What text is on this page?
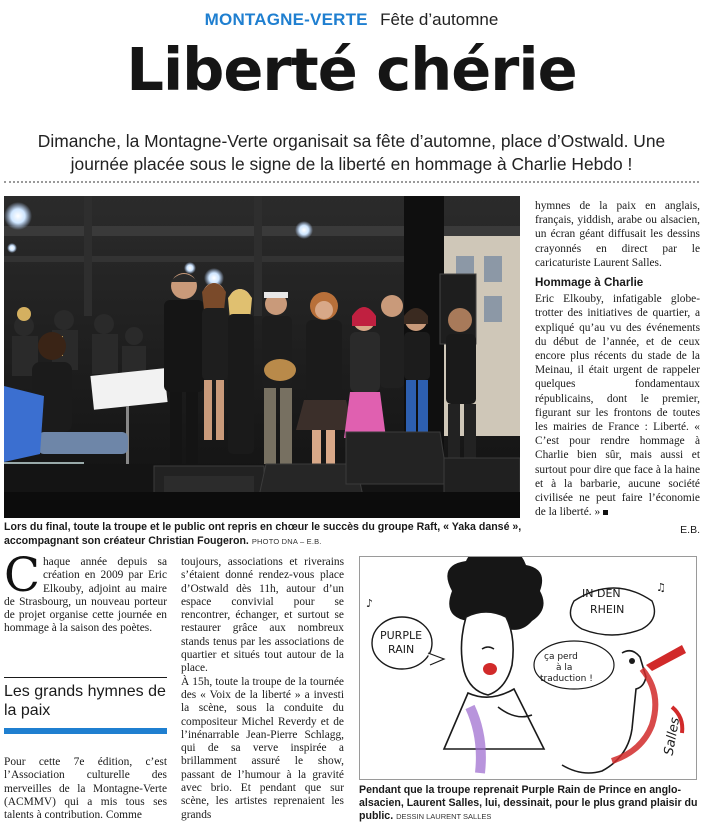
MONTAGNE-VERTE Fête d’automne
Liberté chérie

Dimanche, la Montagne-Verte organisait sa fête d’automne, place d’Ostwald. Une journée placée sous le signe de la liberté en hommage à Charlie Hebdo !

Lors du final, toute la troupe et le public ont repris en chœur le succès du groupe Raft, « Yaka dansé », accompagnant son créateur Christian Fougeron. PHOTO DNA – E.B.

hymnes de la paix en anglais, français, yiddish, arabe ou alsacien, un écran géant diffusait les dessins crayonnés en direct par le caricaturiste Laurent Salles.

Hommage à Charlie

Eric Elkouby, infatigable globe-trotter des initiatives de quartier, a expliqué qu’au vu des événements du début de l’année, et de ceux encore plus récents du stade de la Meinau, il était urgent de rappeler quelques fondamentaux républicains, dont le premier, figurant sur les frontons de toutes les mairies de France : Liberté. « C’est pour rendre hommage à Charlie bien sûr, mais aussi et surtout pour dire que face à la haine et à la barbarie, aucune société civilisée ne peut faire l’économie de la liberté. »

E.B.

C haque année depuis sa création en 2009 par Eric Elkouby, adjoint au maire de Strasbourg, un nouveau porteur de projet organise cette journée en hommage à la saison des poètes.
Les grands hymnes de la paix
Pour cette 7e édition, c’est l’Association culturelle des merveilles de la Montagne-Verte (ACMMV) qui a mis tous ses talents à contribution. Comme

toujours, associations et riverains s’étaient donné rendez-vous place d’Ostwald dès 11h, autour d’un espace convivial pour se rencontrer, échanger, et surtout se restaurer grâce aux nombreux stands tenus par les associations de quartier et situés tout autour de la place.

À 15h, toute la troupe de la tournée des « Voix de la liberté » a investi la scène, sous la conduite du compositeur Michel Reverdy et de l’inénarrable Jean-Pierre Schlagg, qui de sa verve inspirée a brillamment assuré le show, passant de l’humour à la gravité avec brio. Et pendant que sur scène, les artistes reprenaient les grands

PURPLE
RAIN
♪
IN DEN
RHEIN
♫
ça perd
à la
traduction !
Salles
Pendant que la troupe reprenait Purple Rain de Prince en anglo-alsacien, Laurent Salles, lui, dessinait, pour le plus grand plaisir du public. DESSIN LAURENT SALLES
